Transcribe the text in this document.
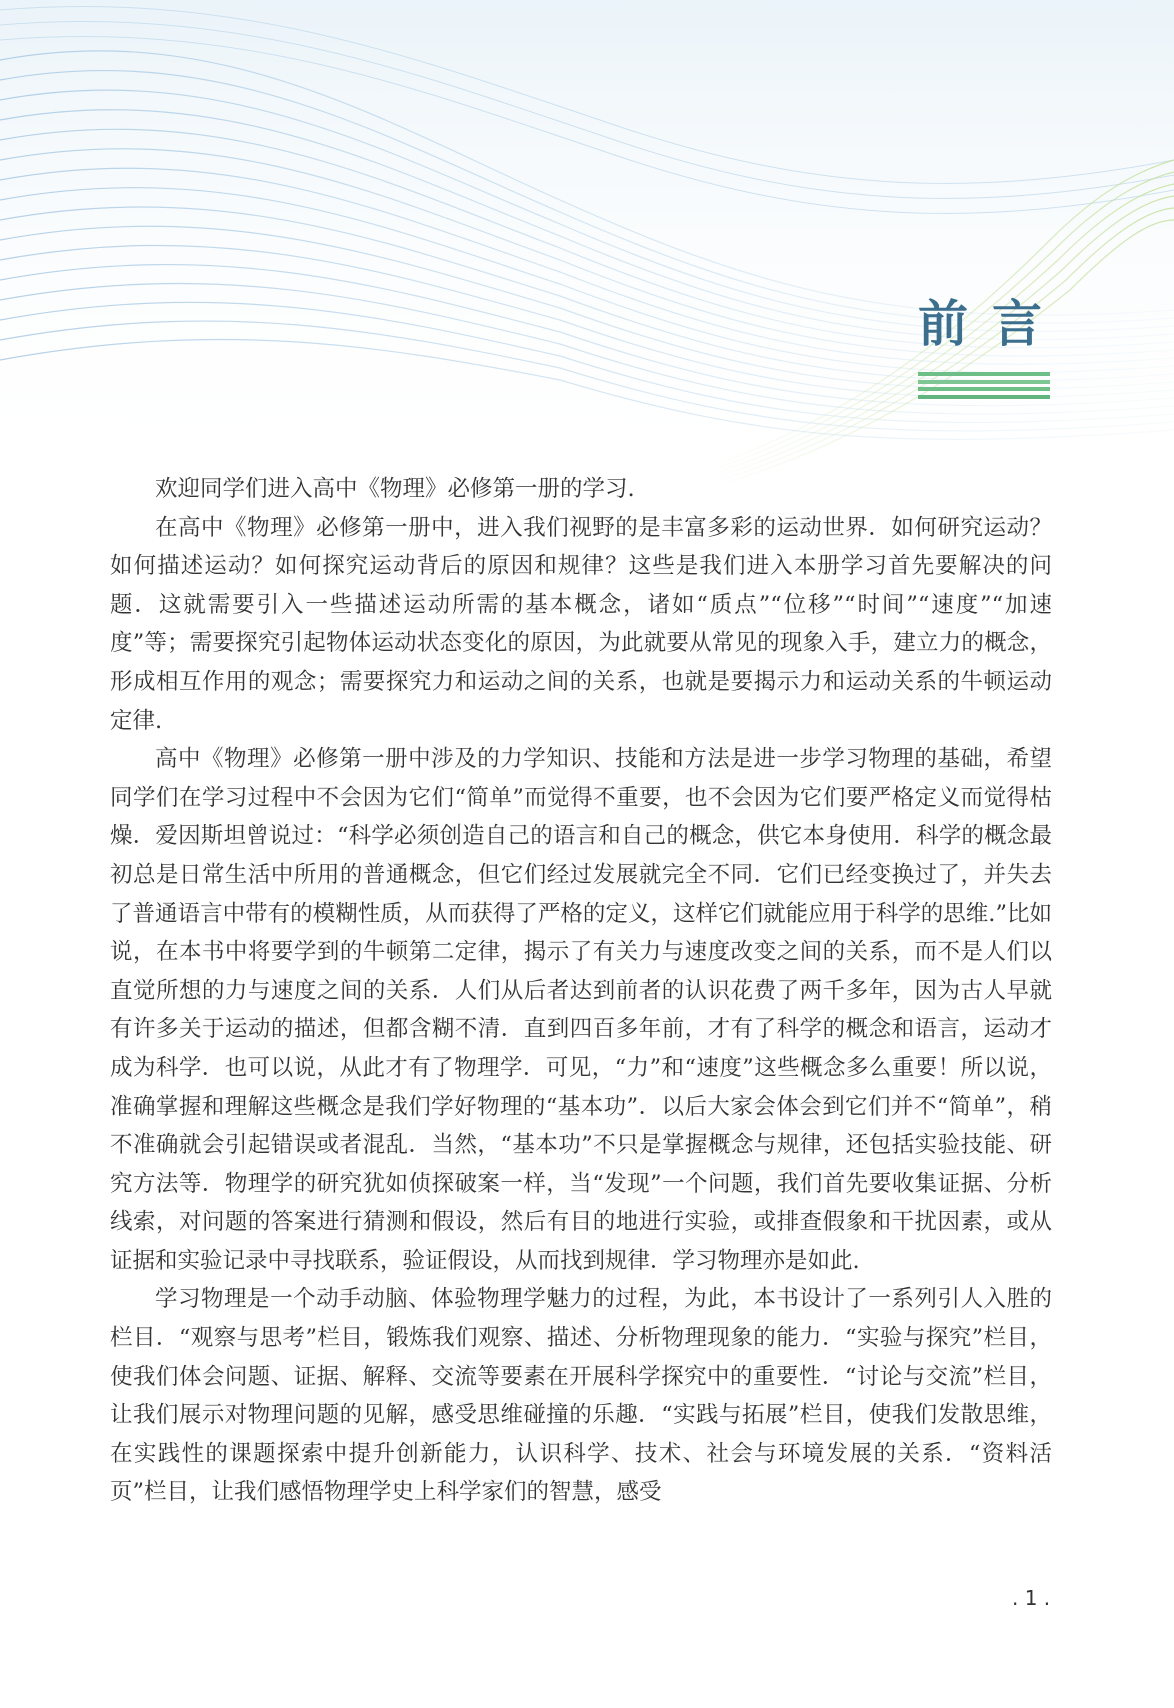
前言

欢迎同学们进入高中《物理》必修第一册的学习.

在高中《物理》必修第一册中，进入我们视野的是丰富多彩的运动世界．如何研究运动？如何描述运动？如何探究运动背后的原因和规律？这些是我们进入本册学习首先要解决的问题．这就需要引入一些描述运动所需的基本概念，诸如“质点”“位移”“时间”“速度”“加速度”等；需要探究引起物体运动状态变化的原因，为此就要从常见的现象入手，建立力的概念，形成相互作用的观念；需要探究力和运动之间的关系，也就是要揭示力和运动关系的牛顿运动定律.

高中《物理》必修第一册中涉及的力学知识、技能和方法是进一步学习物理的基础，希望同学们在学习过程中不会因为它们“简单”而觉得不重要，也不会因为它们要严格定义而觉得枯燥．爱因斯坦曾说过：“科学必须创造自己的语言和自己的概念，供它本身使用．科学的概念最初总是日常生活中所用的普通概念，但它们经过发展就完全不同．它们已经变换过了，并失去了普通语言中带有的模糊性质，从而获得了严格的定义，这样它们就能应用于科学的思维.”比如说，在本书中将要学到的牛顿第二定律，揭示了有关力与速度改变之间的关系，而不是人们以直觉所想的力与速度之间的关系．人们从后者达到前者的认识花费了两千多年，因为古人早就有许多关于运动的描述，但都含糊不清．直到四百多年前，才有了科学的概念和语言，运动才成为科学．也可以说，从此才有了物理学．可见，“力”和“速度”这些概念多么重要！所以说，准确掌握和理解这些概念是我们学好物理的“基本功”．以后大家会体会到它们并不“简单”，稍不准确就会引起错误或者混乱．当然，“基本功”不只是掌握概念与规律，还包括实验技能、研究方法等．物理学的研究犹如侦探破案一样，当“发现”一个问题，我们首先要收集证据、分析线索，对问题的答案进行猜测和假设，然后有目的地进行实验，或排查假象和干扰因素，或从证据和实验记录中寻找联系，验证假设，从而找到规律．学习物理亦是如此.

学习物理是一个动手动脑、体验物理学魅力的过程，为此，本书设计了一系列引人入胜的栏目．“观察与思考”栏目，锻炼我们观察、描述、分析物理现象的能力．“实验与探究”栏目，使我们体会问题、证据、解释、交流等要素在开展科学探究中的重要性．“讨论与交流”栏目，让我们展示对物理问题的见解，感受思维碰撞的乐趣．“实践与拓展”栏目，使我们发散思维，在实践性的课题探索中提升创新能力，认识科学、技术、社会与环境发展的关系．“资料活页”栏目，让我们感悟物理学史上科学家们的智慧，感受

. 1 .
